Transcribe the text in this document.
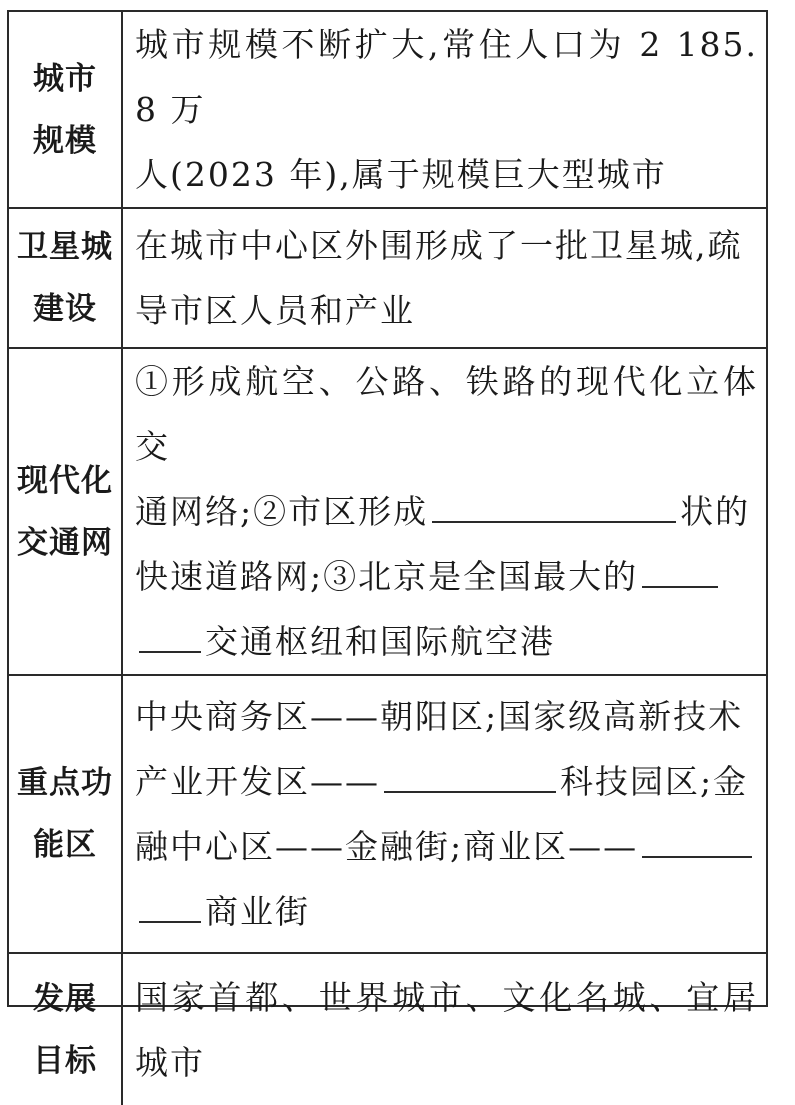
城市
规模	城市规模不断扩大,常住人口为 2 185. 8 万
人(2023 年),属于规模巨大型城市

卫星城
建设	在城市中心区外围形成了一批卫星城,疏
导市区人员和产业

现代化
交通网	①形成航空、公路、铁路的现代化立体交
通网络;②市区形成 状的
快速道路网;③北京是全国最大的
交通枢纽和国际航空港

重点功
能区	中央商务区——朝阳区;国家级高新技术
产业开发区—— 科技园区;金
融中心区——金融街;商业区——
商业街

发展
目标	国家首都、世界城市、文化名城、宜居城市
